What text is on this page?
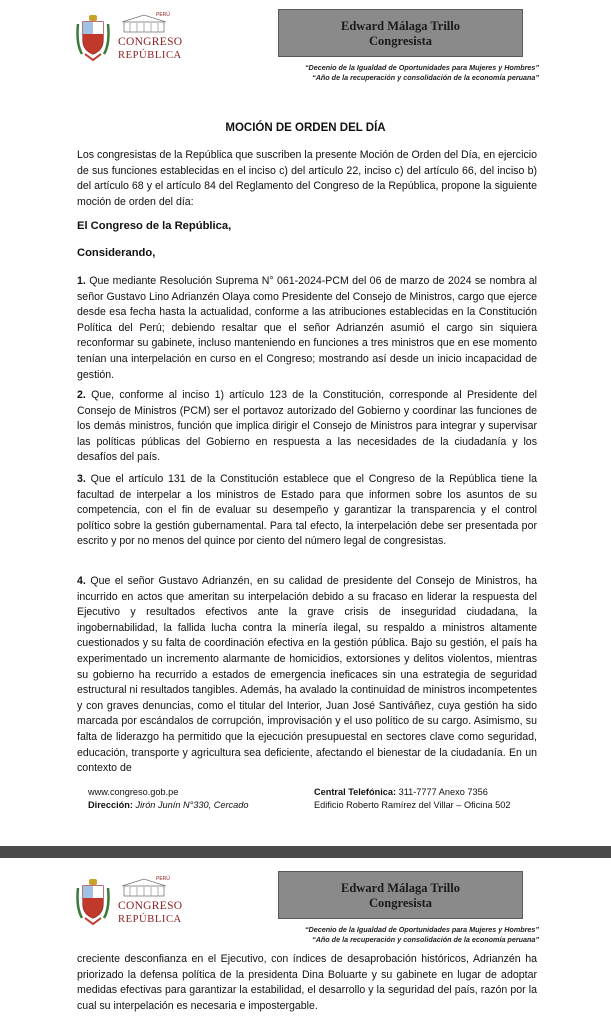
PERÚ
CONGRESO
REPÚBLICA
Edward Málaga Trillo
Congresista
“Decenio de la Igualdad de Oportunidades para Mujeres y Hombres”
“Año de la recuperación y consolidación de la economía peruana”
MOCIÓN DE ORDEN DEL DÍA
Los congresistas de la República que suscriben la presente Moción de Orden del Día, en ejercicio de sus funciones establecidas en el inciso c) del artículo 22, inciso c) del artículo 66, del inciso b) del artículo 68 y el artículo 84 del Reglamento del Congreso de la República, propone la siguiente moción de orden del día:
El Congreso de la República,
Considerando,
1. Que mediante Resolución Suprema N° 061-2024-PCM del 06 de marzo de 2024 se nombra al señor Gustavo Lino Adrianzén Olaya como Presidente del Consejo de Ministros, cargo que ejerce desde esa fecha hasta la actualidad, conforme a las atribuciones establecidas en la Constitución Política del Perú; debiendo resaltar que el señor Adrianzén asumió el cargo sin siquiera reconformar su gabinete, incluso manteniendo en funciones a tres ministros que en ese momento tenían una interpelación en curso en el Congreso; mostrando así desde un inicio incapacidad de gestión.
2. Que, conforme al inciso 1) artículo 123 de la Constitución, corresponde al Presidente del Consejo de Ministros (PCM) ser el portavoz autorizado del Gobierno y coordinar las funciones de los demás ministros, función que implica dirigir el Consejo de Ministros para integrar y supervisar las políticas públicas del Gobierno en respuesta a las necesidades de la ciudadanía y los desafíos del país.
3. Que el artículo 131 de la Constitución establece que el Congreso de la República tiene la facultad de interpelar a los ministros de Estado para que informen sobre los asuntos de su competencia, con el fin de evaluar su desempeño y garantizar la transparencia y el control político sobre la gestión gubernamental. Para tal efecto, la interpelación debe ser presentada por escrito y por no menos del quince por ciento del número legal de congresistas.
4. Que el señor Gustavo Adrianzén, en su calidad de presidente del Consejo de Ministros, ha incurrido en actos que ameritan su interpelación debido a su fracaso en liderar la respuesta del Ejecutivo y resultados efectivos ante la grave crisis de inseguridad ciudadana, la ingobernabilidad, la fallida lucha contra la minería ilegal, su respaldo a ministros altamente cuestionados y su falta de coordinación efectiva en la gestión pública. Bajo su gestión, el país ha experimentado un incremento alarmante de homicidios, extorsiones y delitos violentos, mientras su gobierno ha recurrido a estados de emergencia ineficaces sin una estrategia de seguridad estructural ni resultados tangibles. Además, ha avalado la continuidad de ministros incompetentes y con graves denuncias, como el titular del Interior, Juan José Santiváñez, cuya gestión ha sido marcada por escándalos de corrupción, improvisación y el uso político de su cargo. Asimismo, su falta de liderazgo ha permitido que la ejecución presupuestal en sectores clave como seguridad, educación, transporte y agricultura sea deficiente, afectando el bienestar de la ciudadanía. En un contexto de
www.congreso.gob.pe
Dirección: Jirón Junín N°330, Cercado
Central Telefónica: 311-7777 Anexo 7356
Edificio Roberto Ramírez del Villar – Oficina 502
PERÚ
CONGRESO
REPÚBLICA
Edward Málaga Trillo
Congresista
“Decenio de la Igualdad de Oportunidades para Mujeres y Hombres”
“Año de la recuperación y consolidación de la economía peruana”
creciente desconfianza en el Ejecutivo, con índices de desaprobación históricos, Adrianzén ha priorizado la defensa política de la presidenta Dina Boluarte y su gabinete en lugar de adoptar medidas efectivas para garantizar la estabilidad, el desarrollo y la seguridad del país, razón por la cual su interpelación es necesaria e impostergable.
